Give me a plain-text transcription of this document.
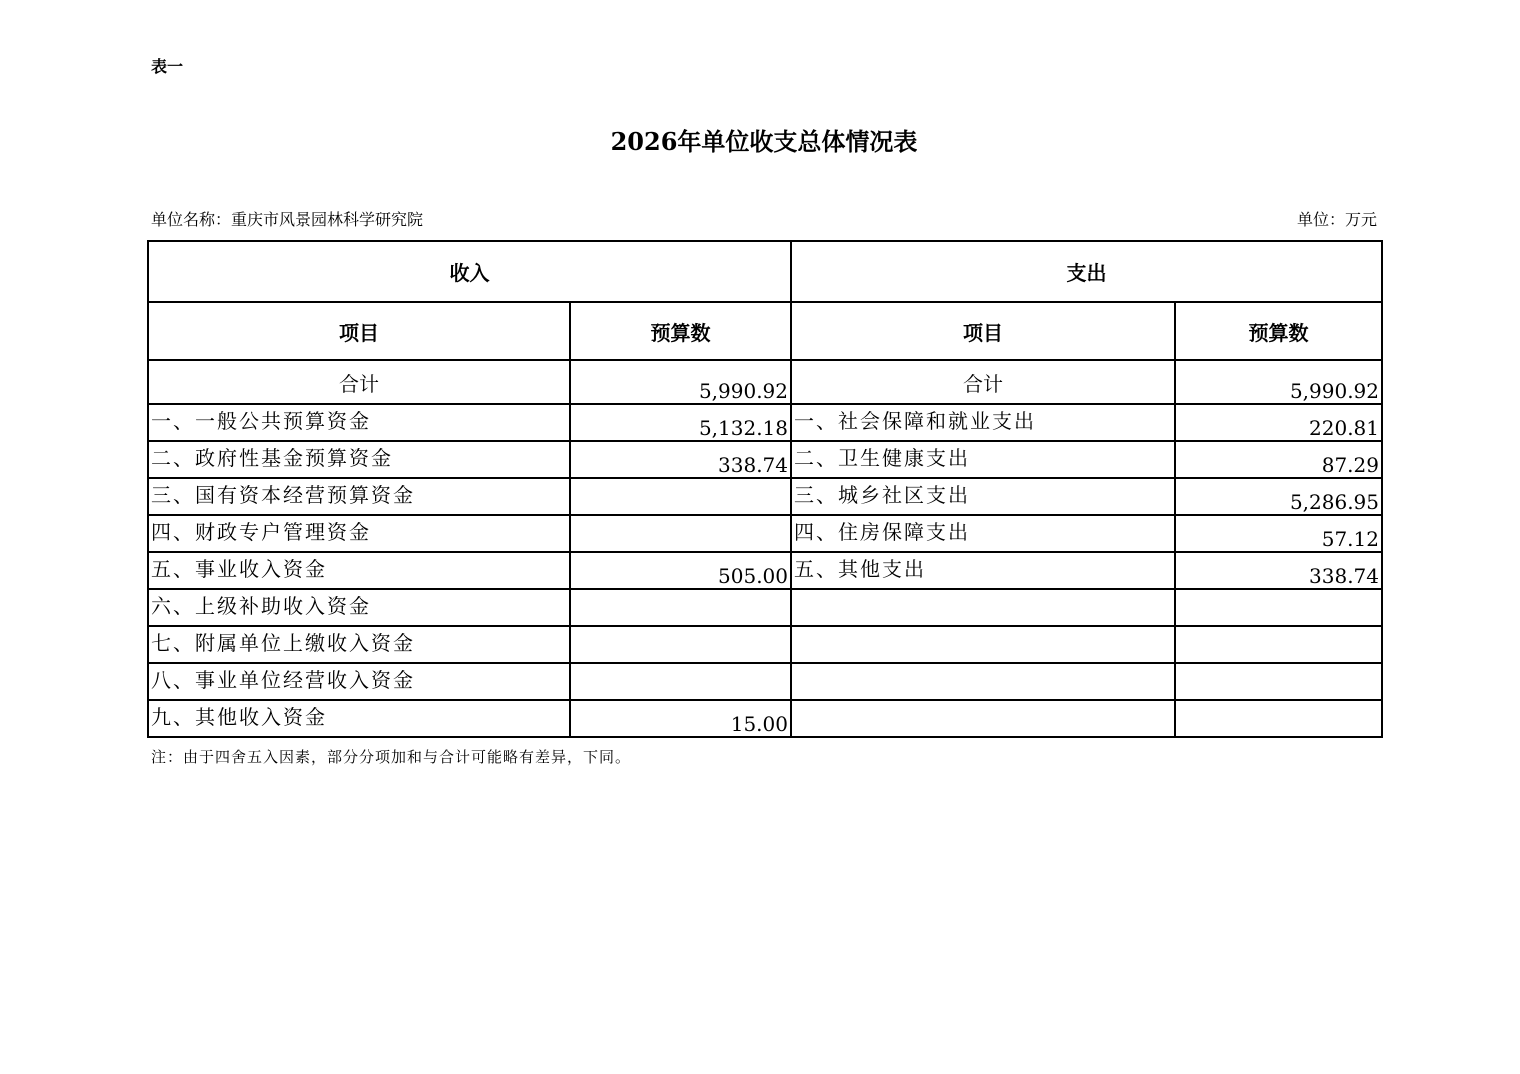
表一
2026年单位收支总体情况表
单位名称：重庆市风景园林科学研究院	单位：万元
收入		支出	
项目	预算数	项目	预算数
合计	5,990.92	合计	5,990.92
一、一般公共预算资金	5,132.18	一、社会保障和就业支出	220.81
二、政府性基金预算资金	338.74	二、卫生健康支出	87.29
三、国有资本经营预算资金		三、城乡社区支出	5,286.95
四、财政专户管理资金		四、住房保障支出	57.12
五、事业收入资金	505.00	五、其他支出	338.74
六、上级补助收入资金			
七、附属单位上缴收入资金			
八、事业单位经营收入资金			
九、其他收入资金	15.00		
注：由于四舍五入因素，部分分项加和与合计可能略有差异，下同。
